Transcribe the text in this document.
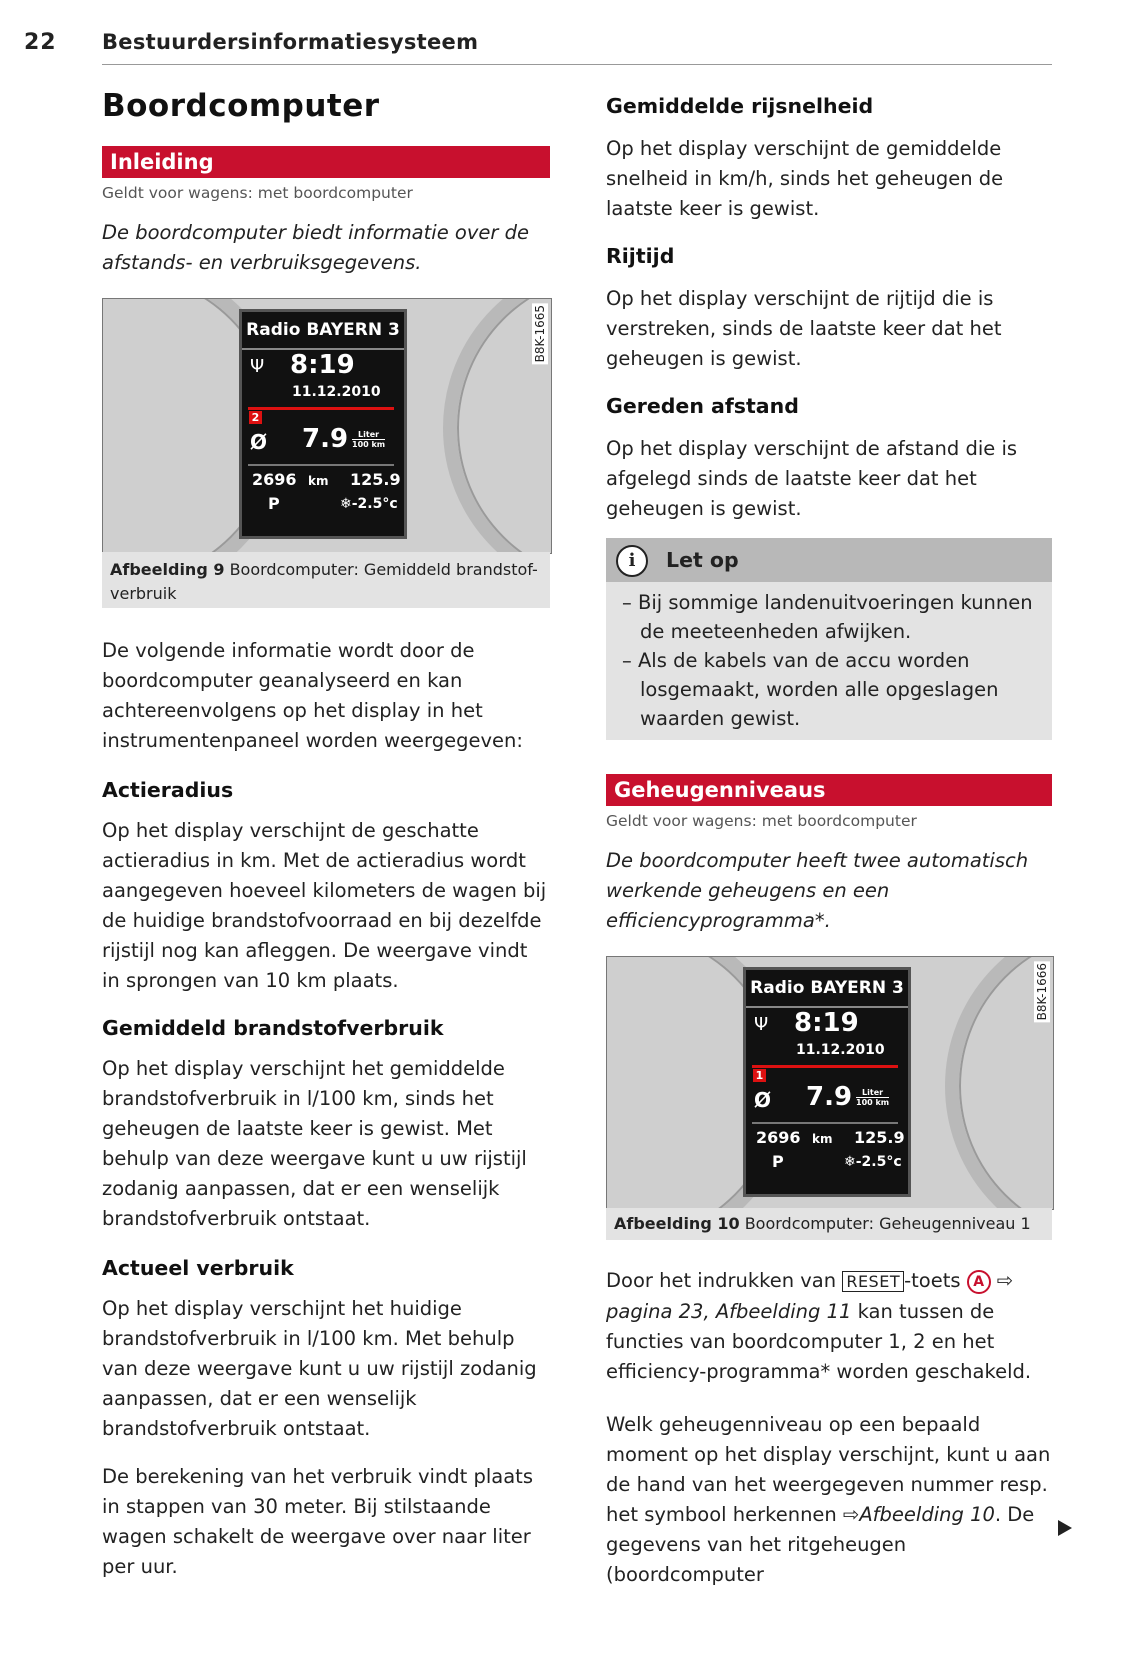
22 Bestuurdersinformatiesysteem
Boordcomputer
Inleiding
Geldt voor wagens: met boordcomputer
De boordcomputer biedt informatie over de afstands- en verbruiksgegevens.
Radio BAYERN 3
Ψ 8:19
11.12.2010
2
Ø 7.9	Liter
100 km
2696 km 125.9
P	❄-2.5°c
B8K-1665
Afbeelding 9 Boordcomputer: Gemiddeld brandstof-verbruik
De volgende informatie wordt door de boordcomputer geanalyseerd en kan achtereenvolgens op het display in het instrumentenpaneel worden weergegeven:
Actieradius
Op het display verschijnt de geschatte actieradius in km. Met de actieradius wordt aangegeven hoeveel kilometers de wagen bij de huidige brandstofvoorraad en bij dezelfde rijstijl nog kan afleggen. De weergave vindt in sprongen van 10 km plaats.
Gemiddeld brandstofverbruik
Op het display verschijnt het gemiddelde brandstofverbruik in l/100 km, sinds het geheugen de laatste keer is gewist. Met behulp van deze weergave kunt u uw rijstijl zodanig aanpassen, dat er een wenselijk brandstofverbruik ontstaat.
Actueel verbruik
Op het display verschijnt het huidige brandstofverbruik in l/100 km. Met behulp van deze weergave kunt u uw rijstijl zodanig aanpassen, dat er een wenselijk brandstofverbruik ontstaat.
De berekening van het verbruik vindt plaats in stappen van 30 meter. Bij stilstaande wagen schakelt de weergave over naar liter per uur.
Gemiddelde rijsnelheid
Op het display verschijnt de gemiddelde snelheid in km/h, sinds het geheugen de laatste keer is gewist.
Rijtijd
Op het display verschijnt de rijtijd die is verstreken, sinds de laatste keer dat het geheugen is gewist.
Gereden afstand
Op het display verschijnt de afstand die is afgelegd sinds de laatste keer dat het geheugen is gewist.
i	Let op
– Bij sommige landenuitvoeringen kunnen de meeteenheden afwijken.
– Als de kabels van de accu worden losgemaakt, worden alle opgeslagen waarden gewist.
Geheugenniveaus
Geldt voor wagens: met boordcomputer
De boordcomputer heeft twee automatisch werkende geheugens en een efficiencyprogramma*.
Radio BAYERN 3
Ψ 8:19
11.12.2010
1
Ø 7.9	Liter
100 km
2696 km 125.9
P	❄-2.5°c
B8K-1666
Afbeelding 10 Boordcomputer: Geheugenniveau 1
Door het indrukken van RESET -toets A ⇨ pagina 23, Afbeelding 11 kan tussen de functies van boordcomputer 1, 2 en het efficiency-programma* worden geschakeld.
Welk geheugenniveau op een bepaald moment op het display verschijnt, kunt u aan de hand van het weergegeven nummer resp. het symbool herkennen ⇨Afbeelding 10. De gegevens van het ritgeheugen (boordcomputer
